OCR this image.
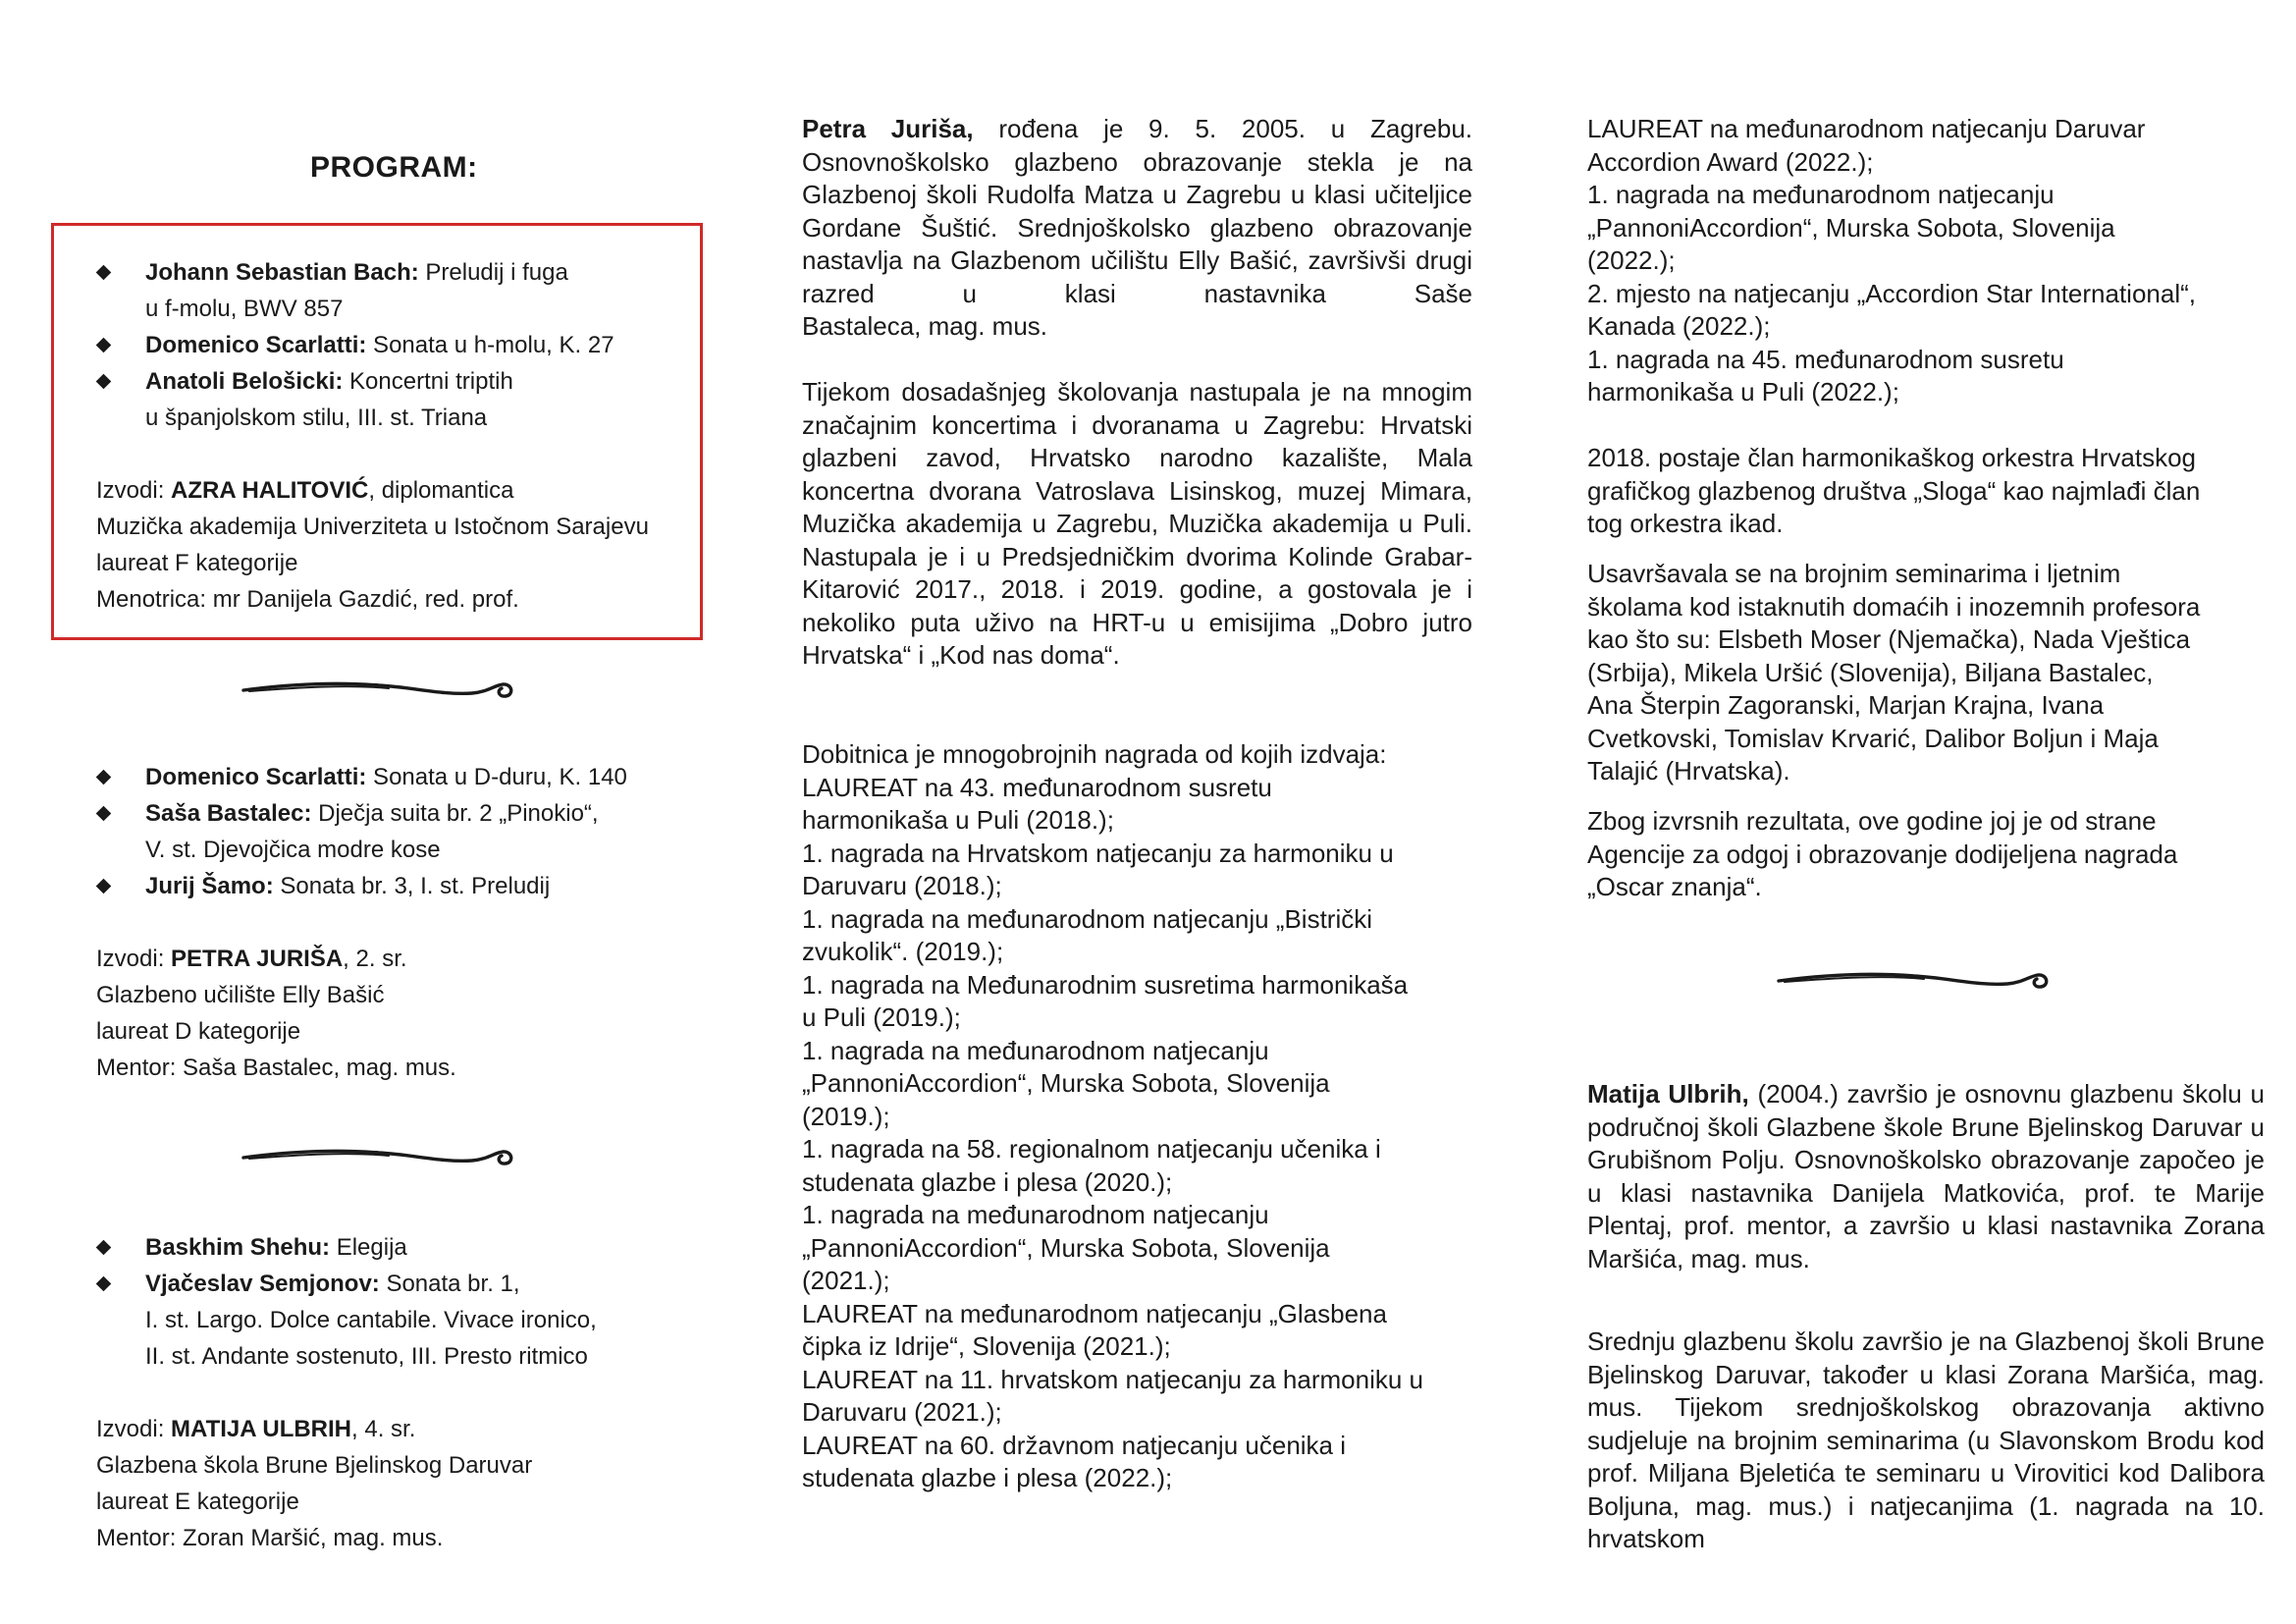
PROGRAM:
Johann Sebastian Bach: Preludij i fuga
u f-molu, BWV 857
Domenico Scarlatti: Sonata u h-molu, K. 27
Anatoli Belošicki: Koncertni triptih
u španjolskom stilu, III. st. Triana
Izvodi: AZRA HALITOVIĆ, diplomantica
Muzička akademija Univerziteta u Istočnom Sarajevu
laureat F kategorije
Menotrica: mr Danijela Gazdić, red. prof.
Domenico Scarlatti: Sonata u D-duru, K. 140
Saša Bastalec: Dječja suita br. 2 „Pinokio“,
V. st. Djevojčica modre kose
Jurij Šamo: Sonata br. 3, I. st. Preludij
Izvodi: PETRA JURIŠA, 2. sr.
Glazbeno učilište Elly Bašić
laureat D kategorije
Mentor: Saša Bastalec, mag. mus.
Baskhim Shehu: Elegija
Vjačeslav Semjonov: Sonata br. 1,
I. st. Largo. Dolce cantabile. Vivace ironico,
II. st. Andante sostenuto, III. Presto ritmico
Izvodi: MATIJA ULBRIH, 4. sr.
Glazbena škola Brune Bjelinskog Daruvar
laureat E kategorije
Mentor: Zoran Maršić, mag. mus.

Petra Juriša, rođena je 9. 5. 2005. u Zagrebu. Osnovnoškolsko glazbeno obrazovanje stekla je na Glazbenoj školi Rudolfa Matza u Zagrebu u klasi učiteljice Gordane Šuštić. Srednjoškolsko glazbeno obrazovanje nastavlja na Glazbenom učilištu Elly Bašić, završivši drugi razred u klasi nastavnika Saše
Bastaleca, mag. mus.

Tijekom dosadašnjeg školovanja nastupala je na mnogim značajnim koncertima i dvoranama u Zagrebu: Hrvatski glazbeni zavod, Hrvatsko narodno kazalište, Mala koncertna dvorana Vatroslava Lisinskog, muzej Mimara, Muzička akademija u Zagrebu, Muzička akademija u Puli. Nastupala je i u Predsjedničkim dvorima Kolinde Grabar-Kitarović 2017., 2018. i 2019. godine, a gostovala je i nekoliko puta uživo na HRT-u u emisijima „Dobro jutro
Hrvatska“ i „Kod nas doma“.

Dobitnica je mnogobrojnih nagrada od kojih izdvaja:
LAUREAT na 43. međunarodnom susretu
harmonikaša u Puli (2018.);
1. nagrada na Hrvatskom natjecanju za harmoniku u
Daruvaru (2018.);
1. nagrada na međunarodnom natjecanju „Bistrički
zvukolik“. (2019.);
1. nagrada na Međunarodnim susretima harmonikaša
u Puli (2019.);
1. nagrada na međunarodnom natjecanju
„PannoniAccordion“, Murska Sobota, Slovenija
(2019.);
1. nagrada na 58. regionalnom natjecanju učenika i
studenata glazbe i plesa (2020.);
1. nagrada na međunarodnom natjecanju
„PannoniAccordion“, Murska Sobota, Slovenija
(2021.);
LAUREAT na međunarodnom natjecanju „Glasbena
čipka iz Idrije“, Slovenija (2021.);
LAUREAT na 11. hrvatskom natjecanju za harmoniku u
Daruvaru (2021.);
LAUREAT na 60. državnom natjecanju učenika i
studenata glazbe i plesa (2022.);
LAUREAT na međunarodnom natjecanju Daruvar
Accordion Award (2022.);
1. nagrada na međunarodnom natjecanju
„PannoniAccordion“, Murska Sobota, Slovenija
(2022.);
2. mjesto na natjecanju „Accordion Star International“,
Kanada (2022.);
1. nagrada na 45. međunarodnom susretu
harmonikaša u Puli (2022.);
2018. postaje član harmonikaškog orkestra Hrvatskog
grafičkog glazbenog društva „Sloga“ kao najmlađi član
tog orkestra ikad.
Usavršavala se na brojnim seminarima i ljetnim
školama kod istaknutih domaćih i inozemnih profesora
kao što su: Elsbeth Moser (Njemačka), Nada Vještica
(Srbija), Mikela Uršić (Slovenija), Biljana Bastalec,
Ana Šterpin Zagoranski, Marjan Krajna, Ivana
Cvetkovski, Tomislav Krvarić, Dalibor Boljun i Maja
Talajić (Hrvatska).
Zbog izvrsnih rezultata, ove godine joj je od strane
Agencije za odgoj i obrazovanje dodijeljena nagrada
„Oscar znanja“.

Matija Ulbrih, (2004.) završio je osnovnu glazbenu školu u područnoj školi Glazbene škole Brune Bjelinskog Daruvar u Grubišnom Polju. Osnovnoškolsko obrazovanje započeo je u klasi nastavnika Danijela Matkovića, prof. te Marije Plentaj, prof. mentor, a završio u klasi nastavnika Zorana
Maršića, mag. mus.

Srednju glazbenu školu završio je na Glazbenoj školi Brune Bjelinskog Daruvar, također u klasi Zorana Maršića, mag. mus. Tijekom srednjoškolskog obrazovanja aktivno sudjeluje na brojnim seminarima (u Slavonskom Brodu kod prof. Miljana Bjeletića te seminaru u Virovitici kod Dalibora Boljuna, mag. mus.) i natjecanjima (1. nagrada na 10. hrvatskom
